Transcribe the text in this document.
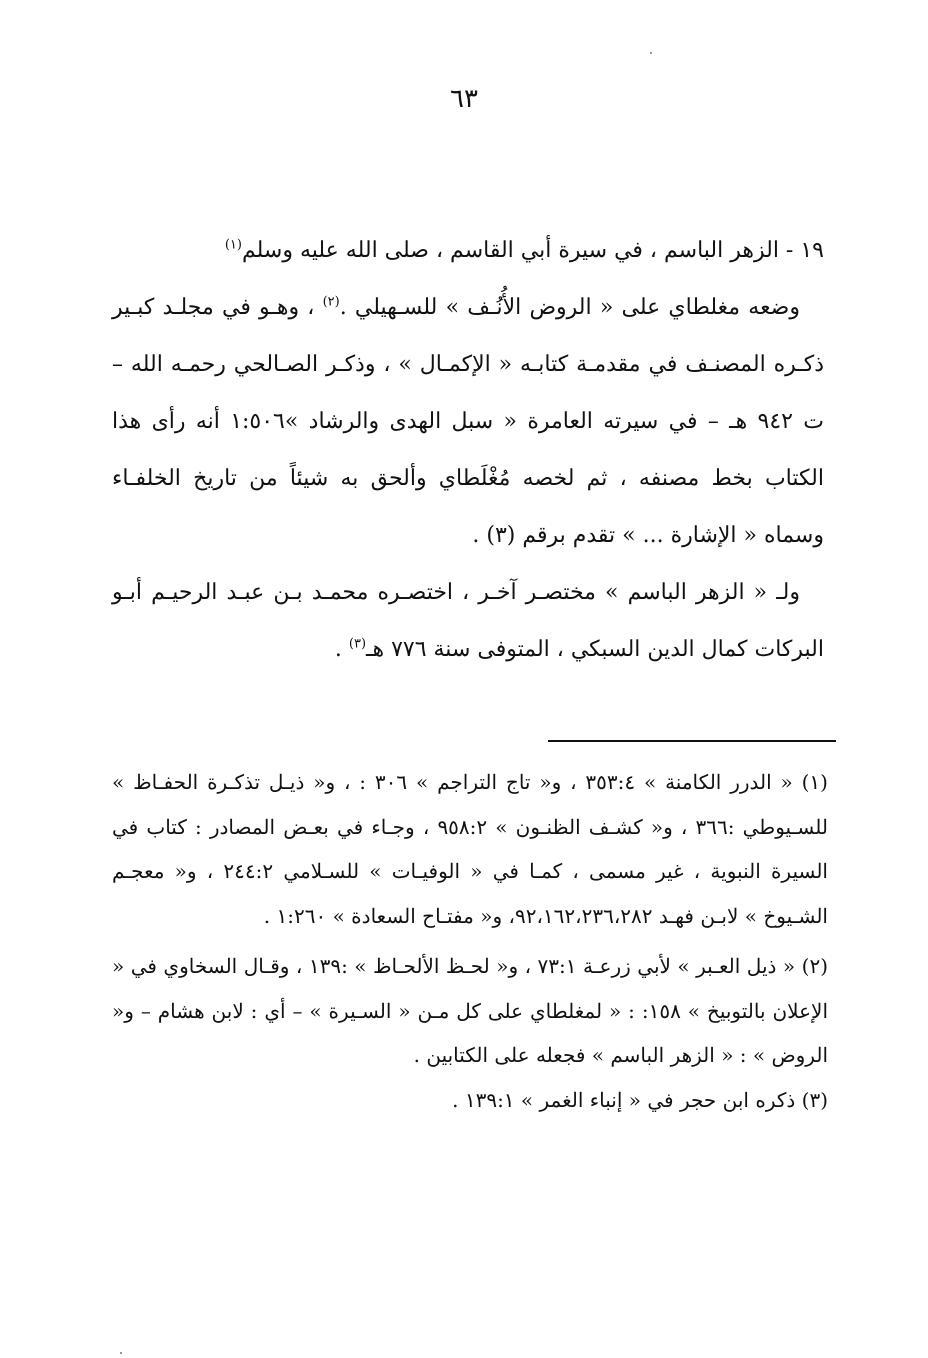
٦٣

١٩ - الزهر الباسم ، في سيرة أبي القاسم ، صلى الله عليه وسلم$^{(١)}$

وضعه مغلطاي على « الروض الأُنُـف » للسـهيلي .$^{(٢)}$ ، وهـو في مجلـد كبـير ذكـره المصنـف في مقدمـة كتابـه « الإكمـال » ، وذكـر الصـالحي رحمـه الله – ت ٩٤٢ هـ – في سيرته العامرة « سبل الهدى والرشاد »١:٥٠٦ أنه رأى هذا الكتاب بخط مصنفه ، ثم لخصه مُغْلَطاي وألحق به شيئاً من تاريخ الخلفـاء وسماه « الإشارة ... » تقدم برقم (٣) .

ولـ « الزهر الباسم » مختصـر آخـر ، اختصـره محمـد بـن عبـد الرحيـم أبـو البركات كمال الدين السبكي ، المتوفى سنة ٧٧٦ هـ$^{(٣)}$ .

(١) « الدرر الكامنة » ٣٥٣:٤ ، و« تاج التراجم » ٣٠٦ : ، و« ذيـل تذكـرة الحفـاظ » للسـيوطي :٣٦٦ ، و« كشـف الظنـون » ٩٥٨:٢ ، وجـاء في بعـض المصادر : كتاب في السيرة النبوية ، غير مسمى ، كمـا في « الوفيـات » للسـلامي ٢٤٤:٢ ، و« معجـم الشـيوخ » لابـن فهـد ٩٢،١٦٢،٢٣٦،٢٨٢، و« مفتـاح السعادة » ١:٢٦٠ .

(٢) « ذيل العـبر » لأبي زرعـة ٧٣:١ ، و« لحـظ الألحـاظ » :١٣٩ ، وقـال السخاوي في « الإعلان بالتوبيخ » ١٥٨: : « لمغلطاي على كل مـن « السـيرة » – أي : لابن هشام – و« الروض » : « الزهر الباسم » فجعله على الكتابين .

(٣) ذكره ابن حجر في « إنباء الغمر » ١٣٩:١ .
